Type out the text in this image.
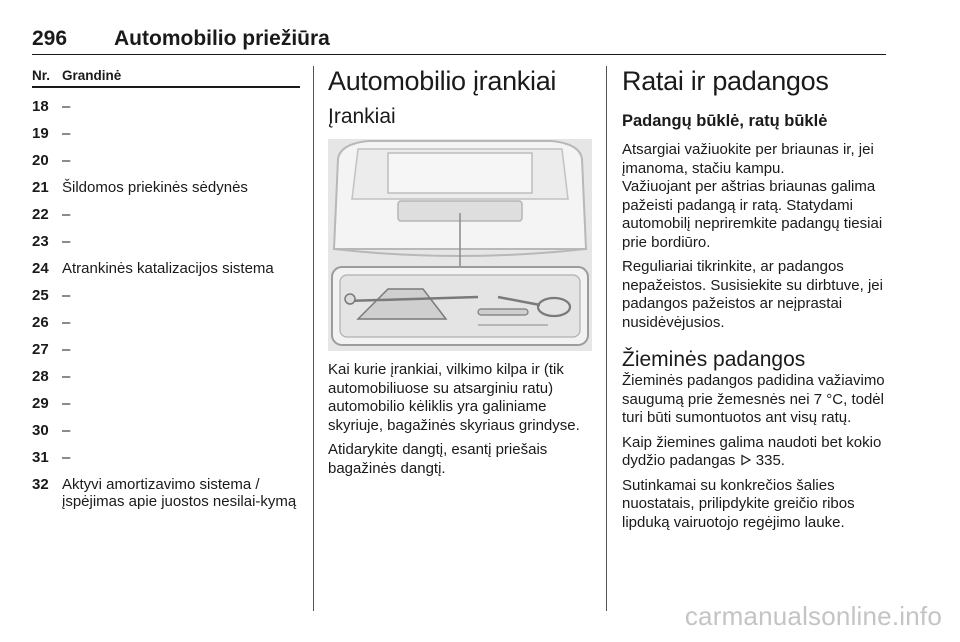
296 Automobilio priežiūra
Nr. Grandinė
18 –
19 –
20 –
21 Šildomos priekinės sėdynės
22 –
23 –
24 Atrankinės katalizacijos sistema
25 –
26 –
27 –
28 –
29 –
30 –
31 –
32 Aktyvi amortizavimo sistema / įspėjimas apie juostos nesilai-kymą
Automobilio įrankiai
Įrankiai

Kai kurie įrankiai, vilkimo kilpa ir (tik automobiliuose su atsarginiu ratu) automobilio kėliklis yra galiniame skyriuje, bagažinės skyriaus grindyse.

Atidarykite dangtį, esantį priešais bagažinės dangtį.

Ratai ir padangos
Padangų būklė, ratų būklė

Atsargiai važiuokite per briaunas ir, jei įmanoma, stačiu kampu.

Važiuojant per aštrias briaunas galima pažeisti padangą ir ratą. Statydami automobilį nepriremkite padangų tiesiai prie bordiūro.

Reguliariai tikrinkite, ar padangos nepažeistos. Susisiekite su dirbtuve, jei padangos pažeistos ar neįprastai nusidėvėjusios.

Žieminės padangos

Žieminės padangos padidina važiavimo saugumą prie žemesnės nei 7 °C, todėl turi būti sumontuotos ant visų ratų.

Kaip žiemines galima naudoti bet kokio dydžio padangas 335.

Sutinkamai su konkrečios šalies nuostatais, prilipdykite greičio ribos lipduką vairuotojo regėjimo lauke.

carmanualsonline.info
